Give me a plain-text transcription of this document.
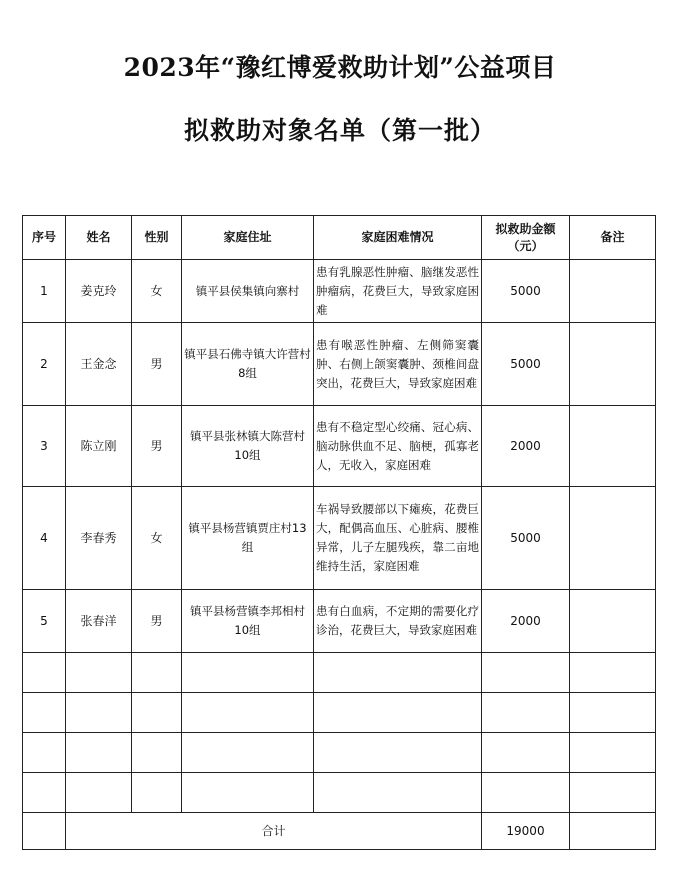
2023年“豫红博爱救助计划”公益项目
拟救助对象名单（第一批）
序号	姓名	性别	家庭住址	家庭困难情况	拟救助金额（元）	备注
1	姜克玲	女	镇平县侯集镇向寨村	患有乳腺恶性肿瘤、脑继发恶性肿瘤病，花费巨大，导致家庭困难	5000	
2	王金念	男	镇平县石佛寺镇大许营村8组	患有喉恶性肿瘤、左侧筛窦囊肿、右侧上颌窦囊肿、颈椎间盘突出，花费巨大，导致家庭困难	5000	
3	陈立刚	男	镇平县张林镇大陈营村10组	患有不稳定型心绞痛、冠心病、脑动脉供血不足、脑梗，孤寡老人，无收入，家庭困难	2000	
4	李春秀	女	镇平县杨营镇贾庄村13组	车祸导致腰部以下瘫痪，花费巨大，配偶高血压、心脏病、腰椎异常，儿子左腿残疾，靠二亩地维持生活，家庭困难	5000	
5	张春洋	男	镇平县杨营镇李邦相村10组	患有白血病，不定期的需要化疗诊治，花费巨大，导致家庭困难	2000	

	合计				19000	
